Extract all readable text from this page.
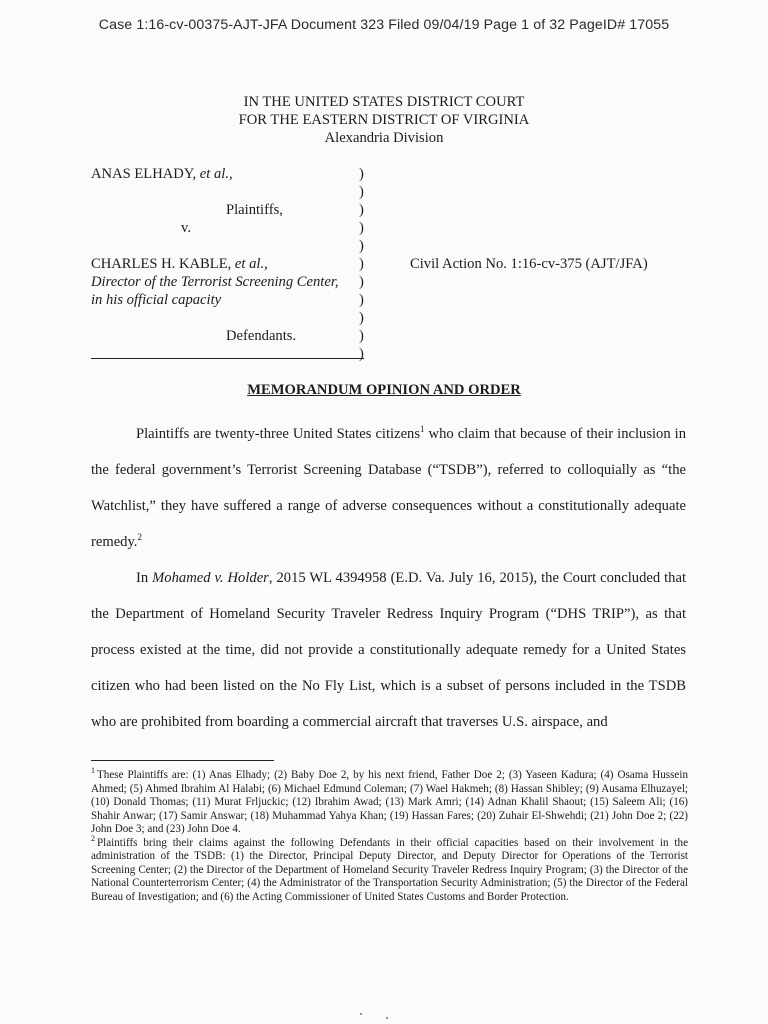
Case 1:16-cv-00375-AJT-JFA Document 323 Filed 09/04/19 Page 1 of 32 PageID# 17055
IN THE UNITED STATES DISTRICT COURT
FOR THE EASTERN DISTRICT OF VIRGINIA
Alexandria Division
ANAS ELHADY, et al.,
Plaintiffs,
v.
CHARLES H. KABLE, et al.,
Director of the Terrorist Screening Center,
in his official capacity
Defendants.
Civil Action No. 1:16-cv-375 (AJT/JFA)
)
)
)
)
)
)
)
)
)
)
)
MEMORANDUM OPINION AND ORDER

Plaintiffs are twenty-three United States citizens$^1$ who claim that because of their inclusion in the federal government’s Terrorist Screening Database (“TSDB”), referred to colloquially as “the Watchlist,” they have suffered a range of adverse consequences without a constitutionally adequate remedy.$^2$

In Mohamed v. Holder, 2015 WL 4394958 (E.D. Va. July 16, 2015), the Court concluded that the Department of Homeland Security Traveler Redress Inquiry Program (“DHS TRIP”), as that process existed at the time, did not provide a constitutionally adequate remedy for a United States citizen who had been listed on the No Fly List, which is a subset of persons included in the TSDB who are prohibited from boarding a commercial aircraft that traverses U.S. airspace, and

$^1$ These Plaintiffs are: (1) Anas Elhady; (2) Baby Doe 2, by his next friend, Father Doe 2; (3) Yaseen Kadura; (4) Osama Hussein Ahmed; (5) Ahmed Ibrahim Al Halabi; (6) Michael Edmund Coleman; (7) Wael Hakmeh; (8) Hassan Shibley; (9) Ausama Elhuzayel; (10) Donald Thomas; (11) Murat Frljuckic; (12) Ibrahim Awad; (13) Mark Amri; (14) Adnan Khalil Shaout; (15) Saleem Ali; (16) Shahir Anwar; (17) Samir Answar; (18) Muhammad Yahya Khan; (19) Hassan Fares; (20) Zuhair El-Shwehdi; (21) John Doe 2; (22) John Doe 3; and (23) John Doe 4.

$^2$ Plaintiffs bring their claims against the following Defendants in their official capacities based on their involvement in the administration of the TSDB: (1) the Director, Principal Deputy Director, and Deputy Director for Operations of the Terrorist Screening Center; (2) the Director of the Department of Homeland Security Traveler Redress Inquiry Program; (3) the Director of the National Counterterrorism Center; (4) the Administrator of the Transportation Security Administration; (5) the Director of the Federal Bureau of Investigation; and (6) the Acting Commissioner of United States Customs and Border Protection.
